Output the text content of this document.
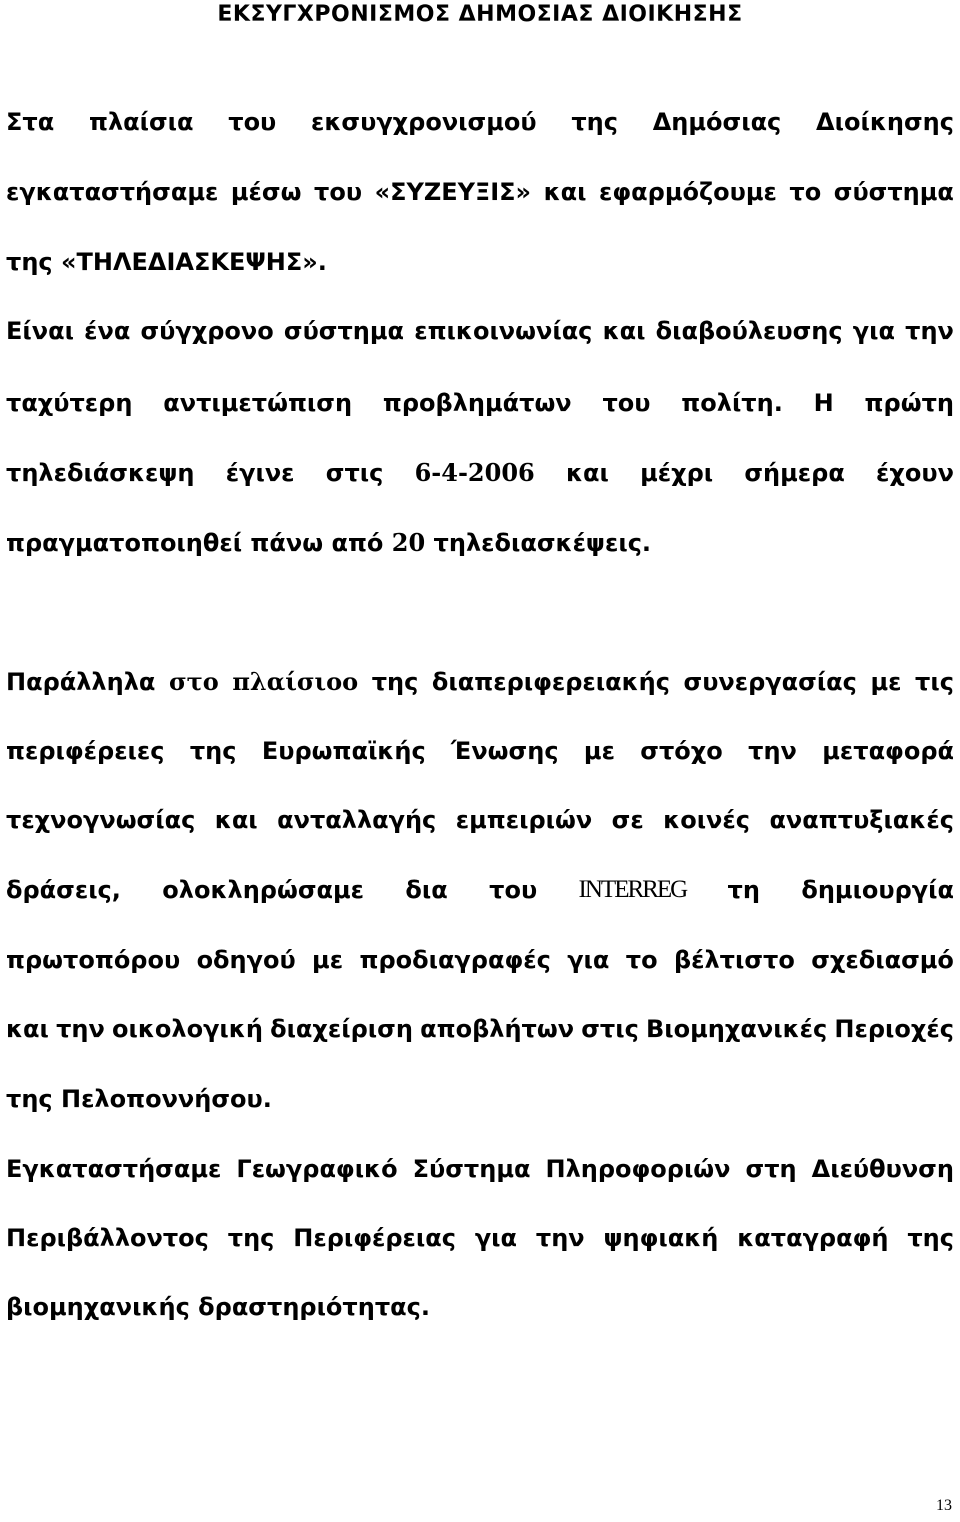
ΕΚΣΥΓΧΡΟΝΙΣΜΟΣ ΔΗΜΟΣΙΑΣ ΔΙΟΙΚΗΣΗΣ
Στα πλαίσια του εκσυγχρονισμού της Δημόσιας Διοίκησης
εγκαταστήσαμε μέσω του «ΣΥΖΕΥΞΙΣ» και εφαρμόζουμε το σύστημα
της «ΤΗΛΕΔΙΑΣΚΕΨΗΣ».
Είναι ένα σύγχρονο σύστημα επικοινωνίας και διαβούλευσης για την
ταχύτερη αντιμετώπιση προβλημάτων του πολίτη. Η πρώτη
τηλεδιάσκεψη έγινε στις 6-4-2006 και μέχρι σήμερα έχουν
πραγματοποιηθεί πάνω από 20 τηλεδιασκέψεις.
Παράλληλα στο πλαίσιοο της διαπεριφερειακής συνεργασίας με τις
περιφέρειες της Ευρωπαϊκής Ένωσης με στόχο την μεταφορά
τεχνογνωσίας και ανταλλαγής εμπειριών σε κοινές αναπτυξιακές
δράσεις, ολοκληρώσαμε δια του INTERREG τη δημιουργία
πρωτοπόρου οδηγού με προδιαγραφές για το βέλτιστο σχεδιασμό
και την οικολογική διαχείριση αποβλήτων στις Βιομηχανικές Περιοχές
της Πελοποννήσου.
Εγκαταστήσαμε Γεωγραφικό Σύστημα Πληροφοριών στη Διεύθυνση
Περιβάλλοντος της Περιφέρειας για την ψηφιακή καταγραφή της
βιομηχανικής δραστηριότητας.
13
